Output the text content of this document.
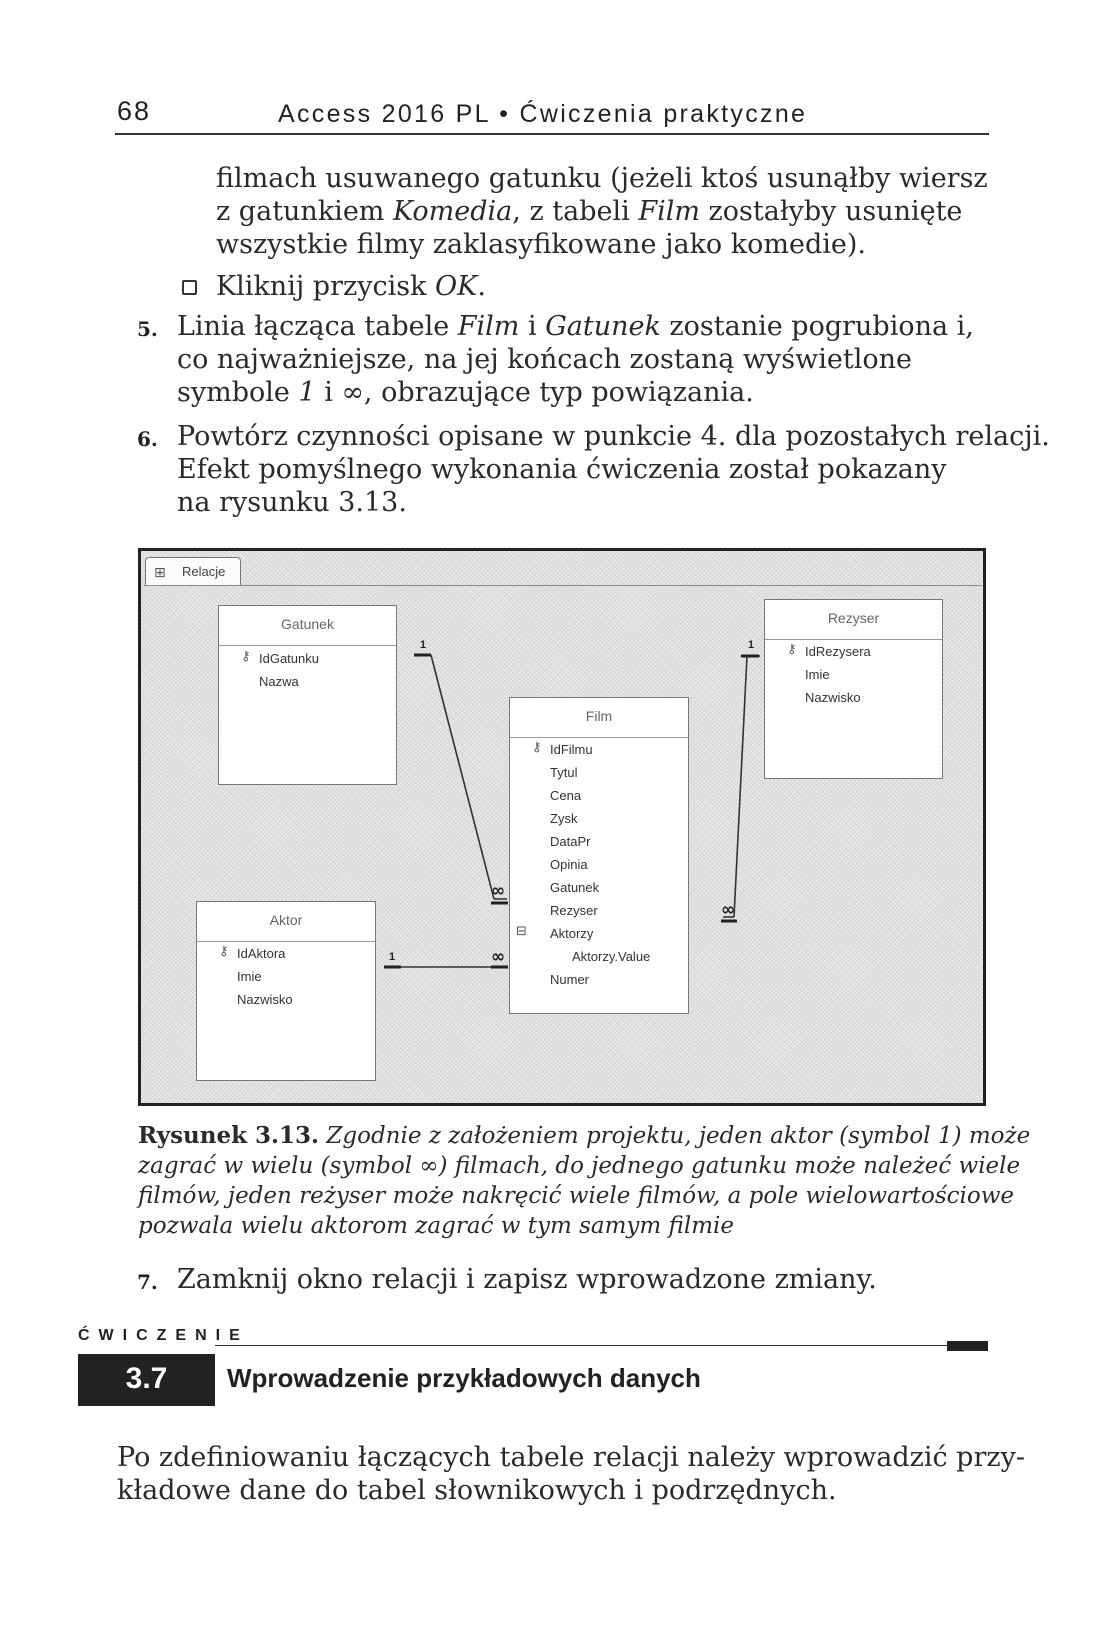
68	Access 2016 PL • Ćwiczenia praktyczne
filmach usuwanego gatunku (jeżeli ktoś usunąłby wiersz
z gatunkiem Komedia, z tabeli Film zostałyby usunięte
wszystkie filmy zaklasyfikowane jako komedie).
Kliknij przycisk OK.
5. Linia łącząca tabele Film i Gatunek zostanie pogrubiona i,
co najważniejsze, na jej końcach zostaną wyświetlone
symbole 1 i ∞, obrazujące typ powiązania.
6. Powtórz czynności opisane w punkcie 4. dla pozostałych relacji.
Efekt pomyślnego wykonania ćwiczenia został pokazany
na rysunku 3.13.
⊞ Relacje
1	1
1
∞
∞
∞
Gatunek
⚷ IdGatunku
Nazwa
Rezyser
⚷ IdRezysera
Imie
Nazwisko
Film
⚷ IdFilmu
Tytul
Cena
Zysk
DataPr
Opinia
Gatunek
Rezyser
⊟ Aktorzy
Aktorzy.Value
Numer
Aktor
⚷ IdAktora
Imie
Nazwisko
Rysunek 3.13. Zgodnie z założeniem projektu, jeden aktor (symbol 1) może
zagrać w wielu (symbol ∞) filmach, do jednego gatunku może należeć wiele
filmów, jeden reżyser może nakręcić wiele filmów, a pole wielowartościowe
pozwala wielu aktorom zagrać w tym samym filmie
7. Zamknij okno relacji i zapisz wprowadzone zmiany.
ĆWICZENIE
3.7	Wprowadzenie przykładowych danych
Po zdefiniowaniu łączących tabele relacji należy wprowadzić przy-
kładowe dane do tabel słownikowych i podrzędnych.
